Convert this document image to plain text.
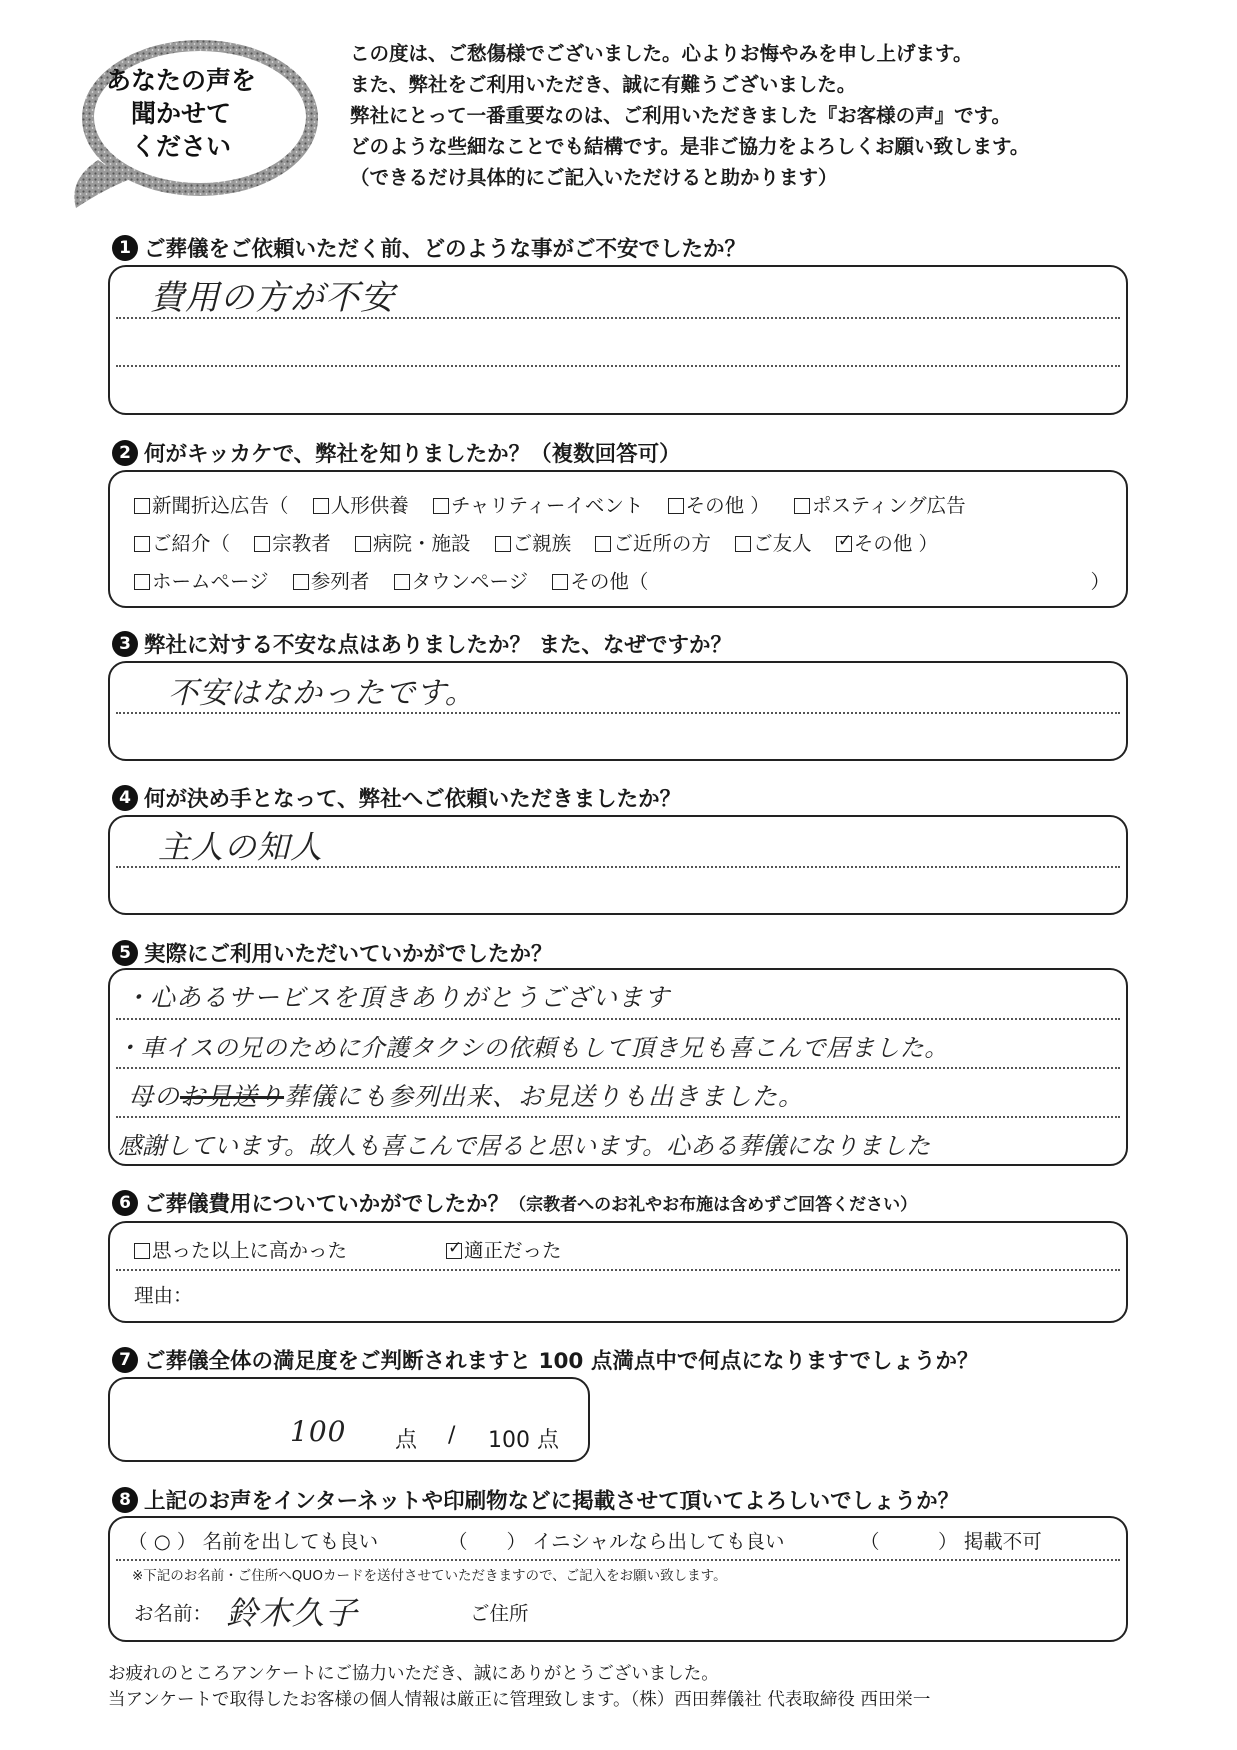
あなたの声を
聞かせて
ください
この度は、ご愁傷様でございました。心よりお悔やみを申し上げます。
また、弊社をご利用いただき、誠に有難うございました。
弊社にとって一番重要なのは、ご利用いただきました『お客様の声』です。
どのような些細なことでも結構です。是非ご協力をよろしくお願い致します。
（できるだけ具体的にご記入いただけると助かります）
1 ご葬儀をご依頼いただく前、どのような事がご不安でしたか？
費用の方が不安
2 何がキッカケで、弊社を知りましたか？（複数回答可）
新聞折込広告（ 人形供養 チャリティーイベント その他 ） ポスティング広告
ご紹介（ 宗教者 病院・施設 ご親族 ご近所の方 ご友人 ✓ その他 ）
ホームページ 参列者 タウンページ その他（	）
3 弊社に対する不安な点はありましたか？ また、なぜですか？
不安はなかったです。
4 何が決め手となって、弊社へご依頼いただきましたか？
主人の知人
5 実際にご利用いただいていかがでしたか？
・心あるサービスを頂きありがとうございます
・車イスの兄のために介護タクシの依頼もして頂き兄も喜こんで居ました。
母のお見送り葬儀にも参列出来、お見送りも出きました。
感謝しています。故人も喜こんで居ると思います。心ある葬儀になりました
6 ご葬儀費用についていかがでしたか？ （宗教者へのお礼やお布施は含めずご回答ください）
思った以上に高かった ✓	適正だった
理由：
7 ご葬儀全体の満足度をご判断されますと 100 点満点中で何点になりますでしょうか？
100 点 / 100 点
8 上記のお声をインターネットや印刷物などに掲載させて頂いてよろしいでしょうか？
（ ○ ） 名前を出しても良い	（　　） イニシャルなら出しても良い	（　　　） 掲載不可
※下記のお名前・ご住所へQUOカードを送付させていただきますので、ご記入をお願い致します。
お名前： 鈴木久子	ご住所
お疲れのところアンケートにご協力いただき、誠にありがとうございました。
当アンケートで取得したお客様の個人情報は厳正に管理致します。（株）西田葬儀社 代表取締役 西田栄一
